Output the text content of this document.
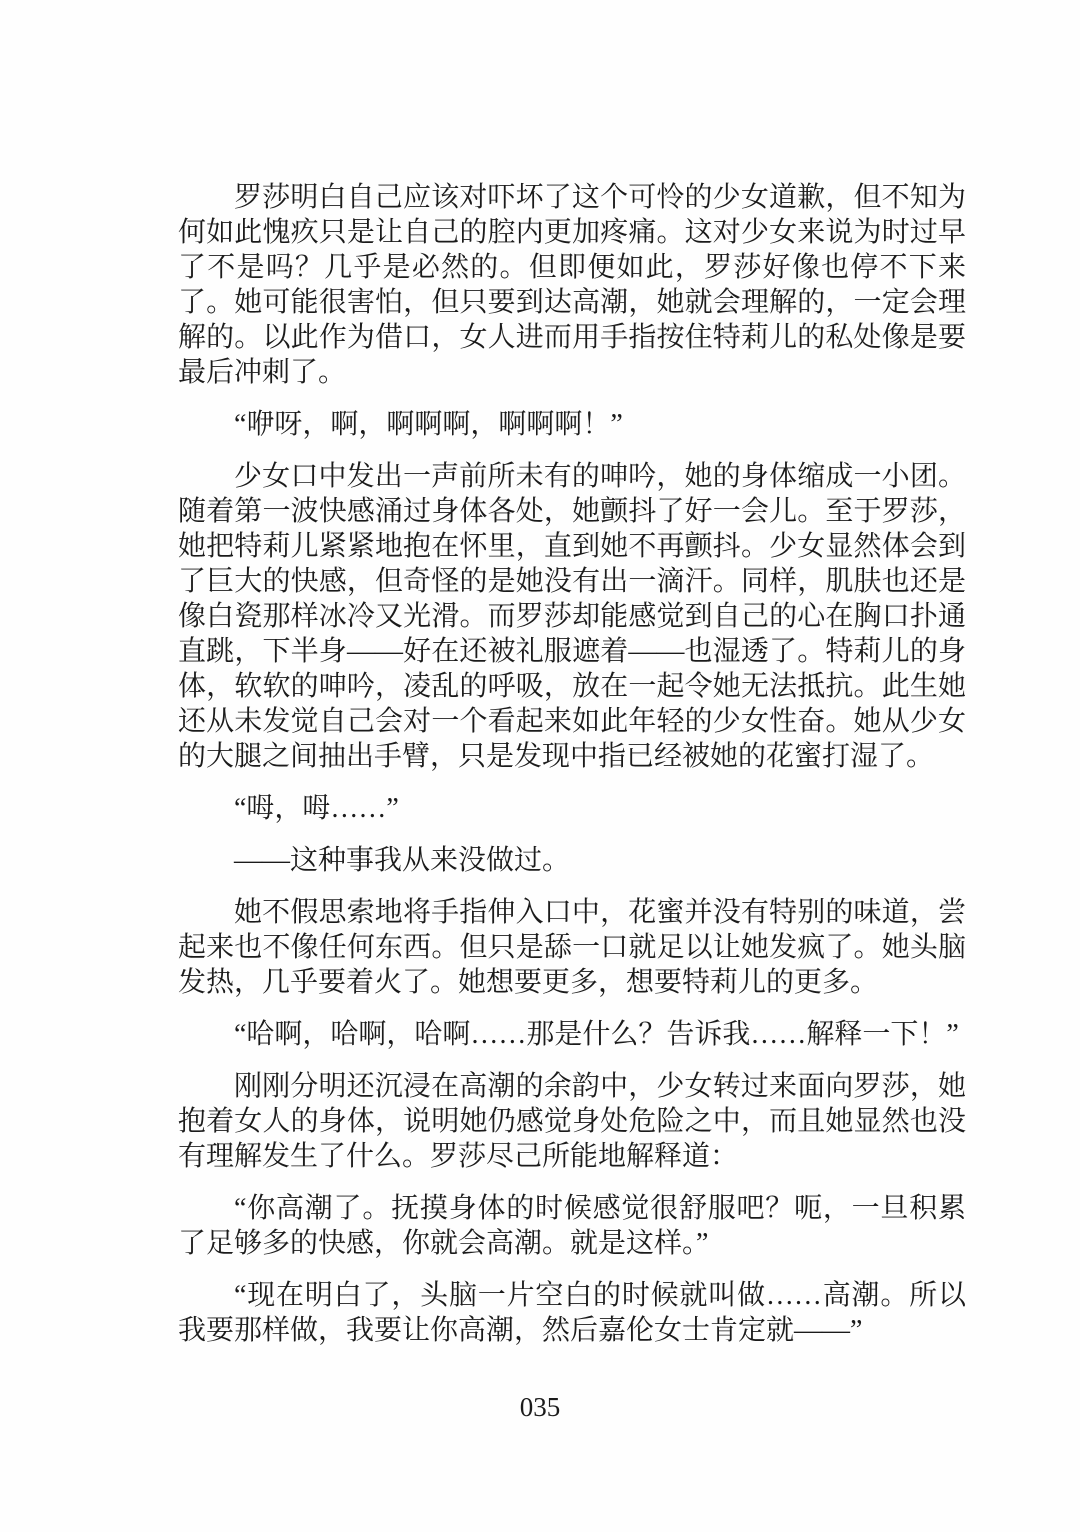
罗莎明白自己应该对吓坏了这个可怜的少女道歉，但不知为何如此愧疚只是让自己的腔内更加疼痛。这对少女来说为时过早了不是吗？几乎是必然的。但即便如此，罗莎好像也停不下来了。她可能很害怕，但只要到达高潮，她就会理解的，一定会理解的。以此作为借口，女人进而用手指按住特莉儿的私处像是要最后冲刺了。

“咿呀，啊，啊啊啊，啊啊啊！”

少女口中发出一声前所未有的呻吟，她的身体缩成一小团。随着第一波快感涌过身体各处，她颤抖了好一会儿。至于罗莎，她把特莉儿紧紧地抱在怀里，直到她不再颤抖。少女显然体会到了巨大的快感，但奇怪的是她没有出一滴汗。同样，肌肤也还是像白瓷那样冰冷又光滑。而罗莎却能感觉到自己的心在胸口扑通直跳，下半身——好在还被礼服遮着——也湿透了。特莉儿的身体，软软的呻吟，凌乱的呼吸，放在一起令她无法抵抗。此生她还从未发觉自己会对一个看起来如此年轻的少女性奋。她从少女的大腿之间抽出手臂，只是发现中指已经被她的花蜜打湿了。

“呣，呣……”

——这种事我从来没做过。

她不假思索地将手指伸入口中，花蜜并没有特别的味道，尝起来也不像任何东西。但只是舔一口就足以让她发疯了。她头脑发热，几乎要着火了。她想要更多，想要特莉儿的更多。

“哈啊，哈啊，哈啊……那是什么？告诉我……解释一下！”

刚刚分明还沉浸在高潮的余韵中，少女转过来面向罗莎，她抱着女人的身体，说明她仍感觉身处危险之中，而且她显然也没有理解发生了什么。罗莎尽己所能地解释道：

“你高潮了。抚摸身体的时候感觉很舒服吧？呃，一旦积累了足够多的快感，你就会高潮。就是这样。”

“现在明白了，头脑一片空白的时候就叫做……高潮。所以我要那样做，我要让你高潮，然后嘉伦女士肯定就——”

035
